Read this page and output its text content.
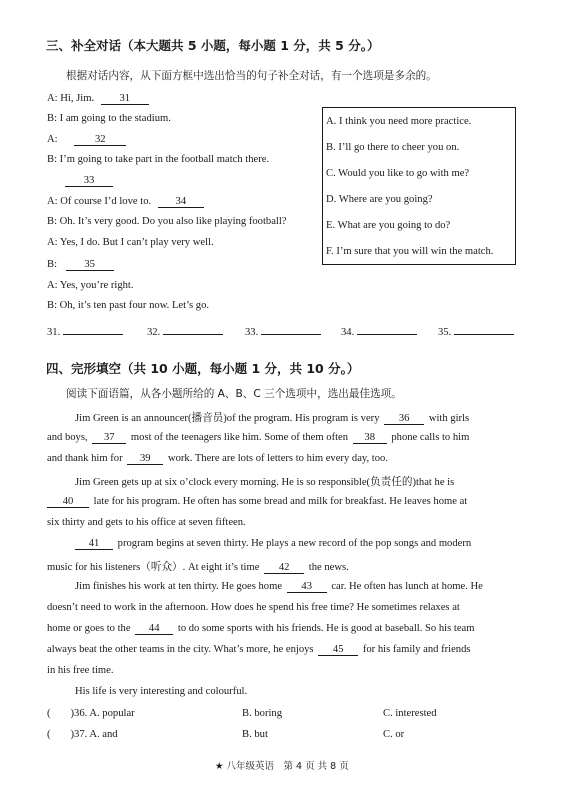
三、补全对话（本大题共 5 小题，每小题 1 分，共 5 分。）
根据对话内容，从下面方框中选出恰当的句子补全对话，有一个选项是多余的。
A: Hi, Jim. 31
B: I am going to the stadium.
A:	32
B: I’m going to take part in the football match there.
33
A: Of course I’d love to. 34
B: Oh. It’s very good. Do you also like playing football?
A: Yes, I do. But I can’t play very well.
B:	35
A: Yes, you’re right.
B: Oh, it’s ten past four now. Let’s go.
A. I think you need more practice.
B. I’ll go there to cheer you on.
C. Would you like to go with me?
D. Where are you going?
E. What are you going to do?
F. I’m sure that you will win the match.
31.	32.	33.	34.	35.
四、完形填空（共 10 小题，每小题 1 分，共 10 分。）
阅读下面语篇，从各小题所给的 A、B、C 三个选项中，选出最佳选项。
Jim Green is an announcer(播音员)of the program. His program is very 36 with girls
and boys, 37 most of the teenagers like him. Some of them often 38 phone calls to him
and thank him for 39 work. There are lots of letters to him every day, too.
Jim Green gets up at six o’clock every morning. He is so responsible(负责任的)that he is
40 late for his program. He often has some bread and milk for breakfast. He leaves home at
six thirty and gets to his office at seven fifteen.
41 program begins at seven thirty. He plays a new record of the pop songs and modern
music for his listeners（听众）. At eight it’s time 42 the news.
Jim finishes his work at ten thirty. He goes home 43 car. He often has lunch at home. He
doesn’t need to work in the afternoon. How does he spend his free time? He sometimes relaxes at
home or goes to the 44 to do some sports with his friends. He is good at baseball. So his team
always beat the other teams in the city. What’s more, he enjoys 45 for his family and friends
in his free time.
His life is very interesting and colourful.
( )36. A. popular	B. boring	C. interested
( )37. A. and	B. but	C. or
★ 八年级英语　第 4 页 共 8 页
